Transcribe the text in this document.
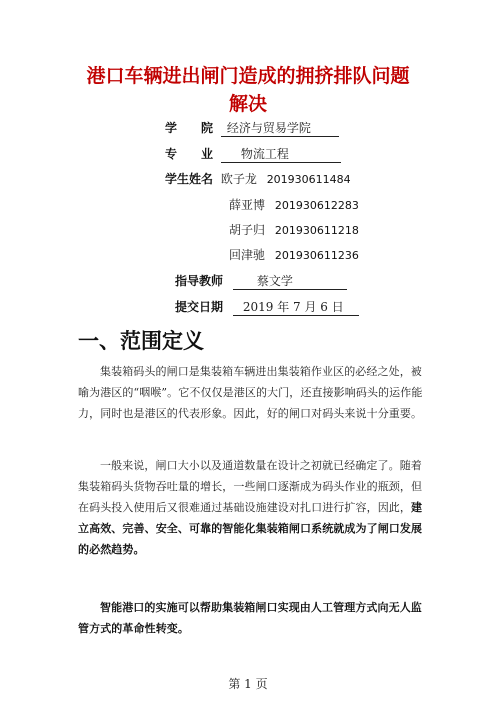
港口车辆进出闸门造成的拥挤排队问题
解决
学　　院 经济与贸易学院
专　　业 物流工程
学生姓名 欧子龙 201930611484
薛亚博 201930612283
胡子归 201930611218
回津驰 201930611236
指导教师	蔡文学
提交日期 2019 年 7 月 6 日
一、范围定义
集装箱码头的闸口是集装箱车辆进出集装箱作业区的必经之处，被喻为港区的“咽喉”。它不仅仅是港区的大门，还直接影响码头的运作能力，同时也是港区的代表形象。因此，好的闸口对码头来说十分重要。
一般来说，闸口大小以及通道数量在设计之初就已经确定了。随着集装箱码头货物吞吐量的增长，一些闸口逐渐成为码头作业的瓶颈，但在码头投入使用后又很难通过基础设施建设对扎口进行扩容，因此，建立高效、完善、安全、可靠的智能化集装箱闸口系统就成为了闸口发展的必然趋势。
智能港口的实施可以帮助集装箱闸口实现由人工管理方式向无人监管方式的革命性转变。
第 1 页
